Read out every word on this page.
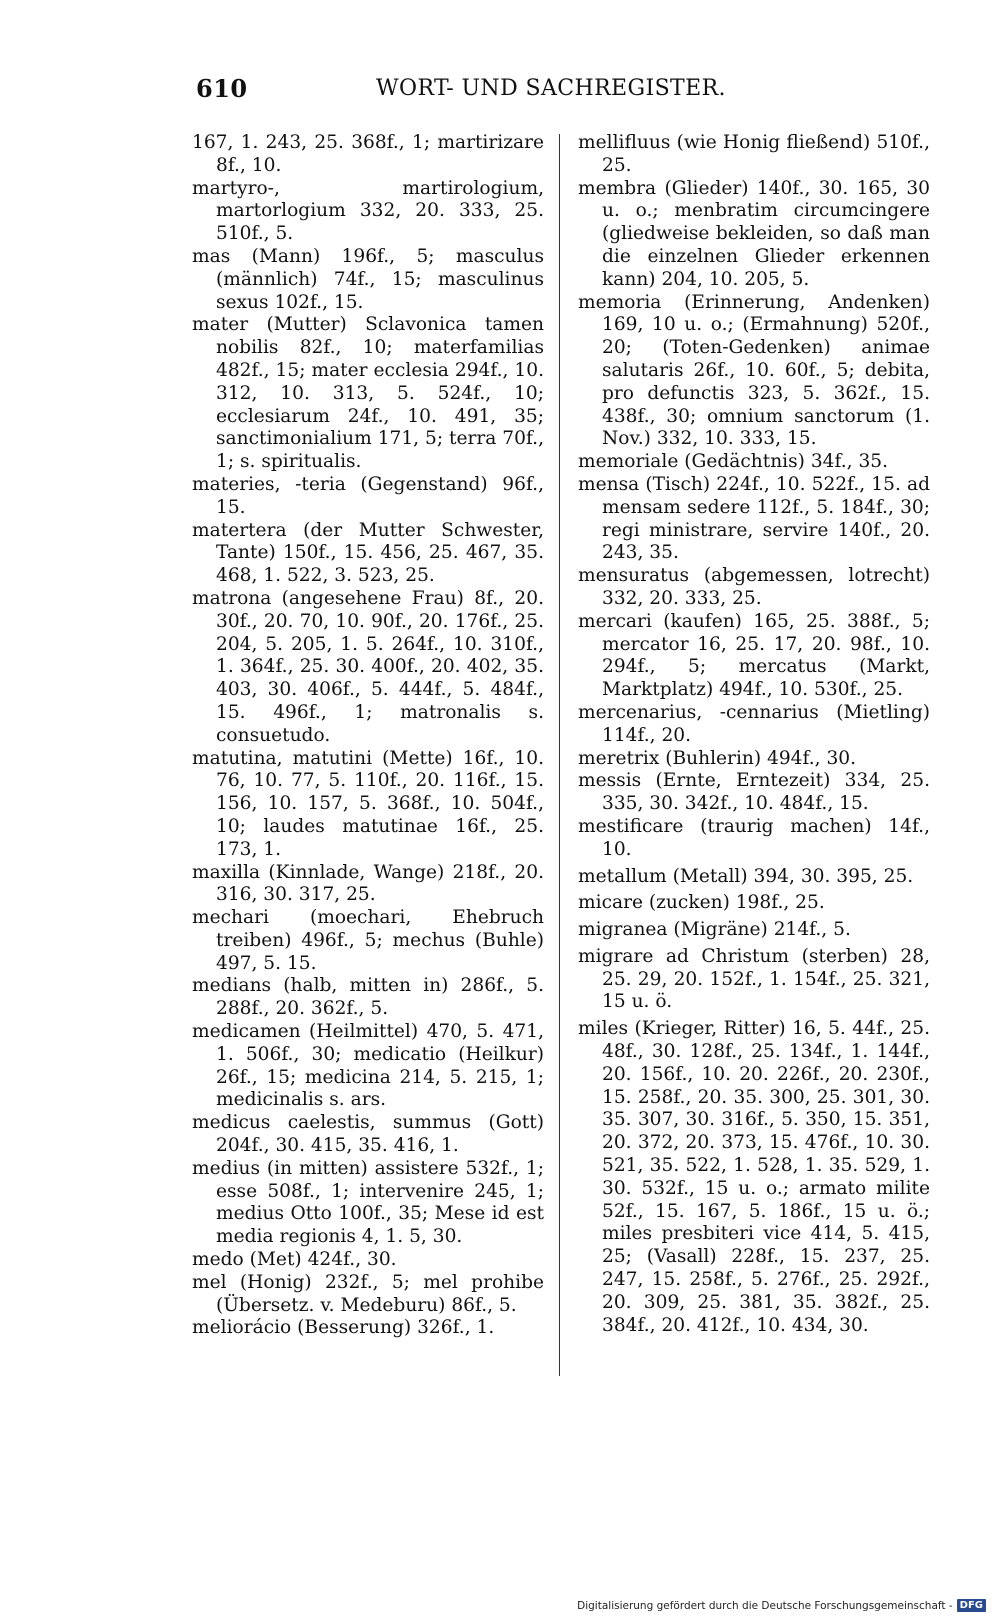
610	WORT- UND SACHREGISTER.

167, 1. 243, 25. 368f., 1; martirizare 8f., 10.

martyro-, martirologium, martorlogium 332, 20. 333, 25. 510f., 5.

mas (Mann) 196f., 5; masculus (männlich) 74f., 15; masculinus sexus 102f., 15.

mater (Mutter) Sclavonica tamen nobilis 82f., 10; materfamilias 482f., 15; mater ecclesia 294f., 10. 312, 10. 313, 5. 524f., 10; ecclesiarum 24f., 10. 491, 35; sanctimonialium 171, 5; terra 70f., 1; s. spiritualis.

materies, -teria (Gegenstand) 96f., 15.

matertera (der Mutter Schwester, Tante) 150f., 15. 456, 25. 467, 35. 468, 1. 522, 3. 523, 25.

matrona (angesehene Frau) 8f., 20. 30f., 20. 70, 10. 90f., 20. 176f., 25. 204, 5. 205, 1. 5. 264f., 10. 310f., 1. 364f., 25. 30. 400f., 20. 402, 35. 403, 30. 406f., 5. 444f., 5. 484f., 15. 496f., 1; matronalis s. consuetudo.

matutina, matutini (Mette) 16f., 10. 76, 10. 77, 5. 110f., 20. 116f., 15. 156, 10. 157, 5. 368f., 10. 504f., 10; laudes matutinae 16f., 25. 173, 1.

maxilla (Kinnlade, Wange) 218f., 20. 316, 30. 317, 25.

mechari (moechari, Ehebruch treiben) 496f., 5; mechus (Buhle) 497, 5. 15.

medians (halb, mitten in) 286f., 5. 288f., 20. 362f., 5.

medicamen (Heilmittel) 470, 5. 471, 1. 506f., 30; medicatio (Heilkur) 26f., 15; medicina 214, 5. 215, 1; medicinalis s. ars.

medicus caelestis, summus (Gott) 204f., 30. 415, 35. 416, 1.

medius (in mitten) assistere 532f., 1; esse 508f., 1; intervenire 245, 1; medius Otto 100f., 35; Mese id est media regionis 4, 1. 5, 30.

medo (Met) 424f., 30.

mel (Honig) 232f., 5; mel prohibe (Übersetz. v. Medeburu) 86f., 5.

meliorácio (Besserung) 326f., 1.

mellifluus (wie Honig fließend) 510f., 25.

membra (Glieder) 140f., 30. 165, 30 u. o.; menbratim circumcingere (gliedweise bekleiden, so daß man die einzelnen Glieder erkennen kann) 204, 10. 205, 5.

memoria (Erinnerung, Andenken) 169, 10 u. o.; (Ermahnung) 520f., 20; (Toten-Gedenken) animae salutaris 26f., 10. 60f., 5; debita, pro defunctis 323, 5. 362f., 15. 438f., 30; omnium sanctorum (1. Nov.) 332, 10. 333, 15.

memoriale (Gedächtnis) 34f., 35.

mensa (Tisch) 224f., 10. 522f., 15. ad mensam sedere 112f., 5. 184f., 30; regi ministrare, servire 140f., 20. 243, 35.

mensuratus (abgemessen, lotrecht) 332, 20. 333, 25.

mercari (kaufen) 165, 25. 388f., 5; mercator 16, 25. 17, 20. 98f., 10. 294f., 5; mercatus (Markt, Marktplatz) 494f., 10. 530f., 25.

mercenarius, -cennarius (Mietling) 114f., 20.

meretrix (Buhlerin) 494f., 30.

messis (Ernte, Erntezeit) 334, 25. 335, 30. 342f., 10. 484f., 15.

mestificare (traurig machen) 14f., 10.

metallum (Metall) 394, 30. 395, 25.

micare (zucken) 198f., 25.

migranea (Migräne) 214f., 5.

migrare ad Christum (sterben) 28, 25. 29, 20. 152f., 1. 154f., 25. 321, 15 u. ö.

miles (Krieger, Ritter) 16, 5. 44f., 25. 48f., 30. 128f., 25. 134f., 1. 144f., 20. 156f., 10. 20. 226f., 20. 230f., 15. 258f., 20. 35. 300, 25. 301, 30. 35. 307, 30. 316f., 5. 350, 15. 351, 20. 372, 20. 373, 15. 476f., 10. 30. 521, 35. 522, 1. 528, 1. 35. 529, 1. 30. 532f., 15 u. o.; armato milite 52f., 15. 167, 5. 186f., 15 u. ö.; miles presbiteri vice 414, 5. 415, 25; (Vasall) 228f., 15. 237, 25. 247, 15. 258f., 5. 276f., 25. 292f., 20. 309, 25. 381, 35. 382f., 25. 384f., 20. 412f., 10. 434, 30.

Digitalisierung gefördert durch die Deutsche Forschungsgemeinschaft - DFG
